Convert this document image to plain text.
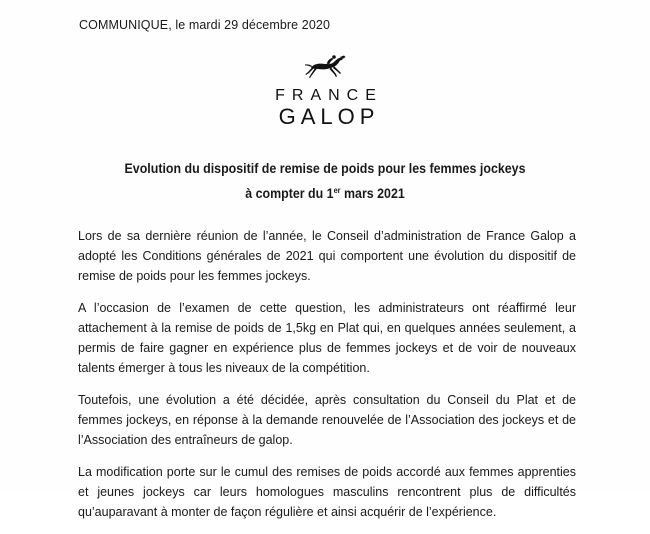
COMMUNIQUE, le mardi 29 décembre 2020
FRANCE
GALOP
Evolution du dispositif de remise de poids pour les femmes jockeys
à compter du 1er mars 2021

Lors de sa dernière réunion de l’année, le Conseil d’administration de France Galop a adopté les Conditions générales de 2021 qui comportent une évolution du dispositif de remise de poids pour les femmes jockeys.

A l’occasion de l’examen de cette question, les administrateurs ont réaffirmé leur attachement à la remise de poids de 1,5kg en Plat qui, en quelques années seulement, a permis de faire gagner en expérience plus de femmes jockeys et de voir de nouveaux talents émerger à tous les niveaux de la compétition.

Toutefois, une évolution a été décidée, après consultation du Conseil du Plat et de femmes jockeys, en réponse à la demande renouvelée de l’Association des jockeys et de l’Association des entraîneurs de galop.

La modification porte sur le cumul des remises de poids accordé aux femmes apprenties et jeunes jockeys car leurs homologues masculins rencontrent plus de difficultés qu’auparavant à monter de façon régulière et ainsi acquérir de l’expérience.
